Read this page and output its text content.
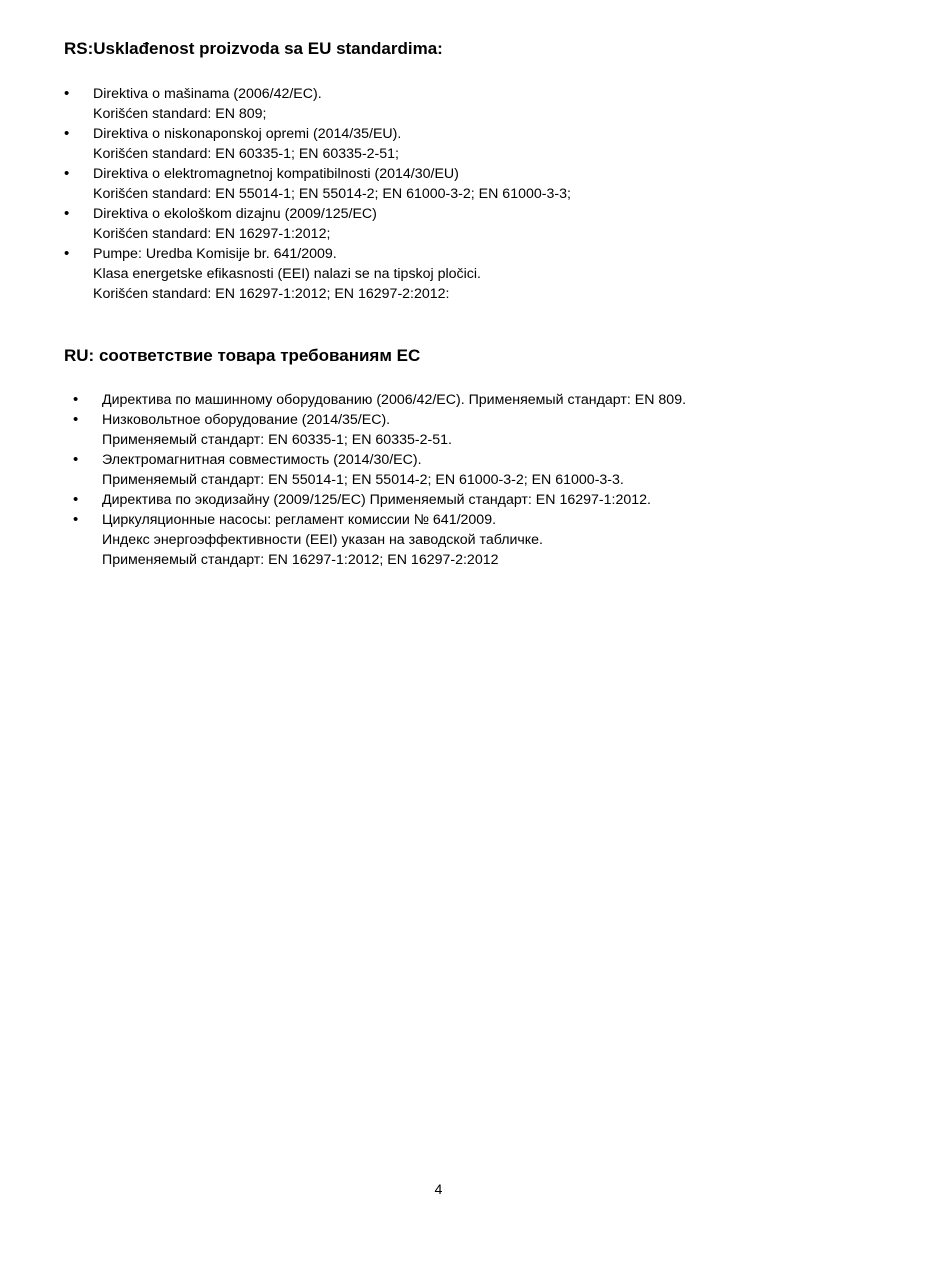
RS:Usklađenost proizvoda sa EU standardima:
• Direktiva o mašinama (2006/42/EC).
Korišćen standard: EN 809;
• Direktiva o niskonaponskoj opremi (2014/35/EU).
Korišćen standard: EN 60335-1; EN 60335-2-51;
• Direktiva o elektromagnetnoj kompatibilnosti (2014/30/EU)
Korišćen standard: EN 55014-1; EN 55014-2; EN 61000-3-2; EN 61000-3-3;
• Direktiva o ekološkom dizajnu (2009/125/EC)
Korišćen standard: EN 16297-1:2012;
• Pumpe: Uredba Komisije br. 641/2009.
Klasa energetske efikasnosti (EEI) nalazi se na tipskoj pločici.
Korišćen standard: EN 16297-1:2012; EN 16297-2:2012:
RU: соответствие товара требованиям ЕС
• Директива по машинному оборудованию (2006/42/EC). Применяемый стандарт: EN 809.
• Низковольтное оборудование (2014/35/EC).
Применяемый стандарт: EN 60335-1; EN 60335-2-51.
• Электромагнитная совместимость (2014/30/EC).
Применяемый стандарт: EN 55014-1; EN 55014-2; EN 61000-3-2; EN 61000-3-3.
• Директива по экодизайну (2009/125/EC) Применяемый стандарт: EN 16297-1:2012.
• Циркуляционные насосы: регламент комиссии № 641/2009.
Индекс энергоэффективности (EEI) указан на заводской табличке.
Применяемый стандарт: EN 16297-1:2012; EN 16297-2:2012
4
